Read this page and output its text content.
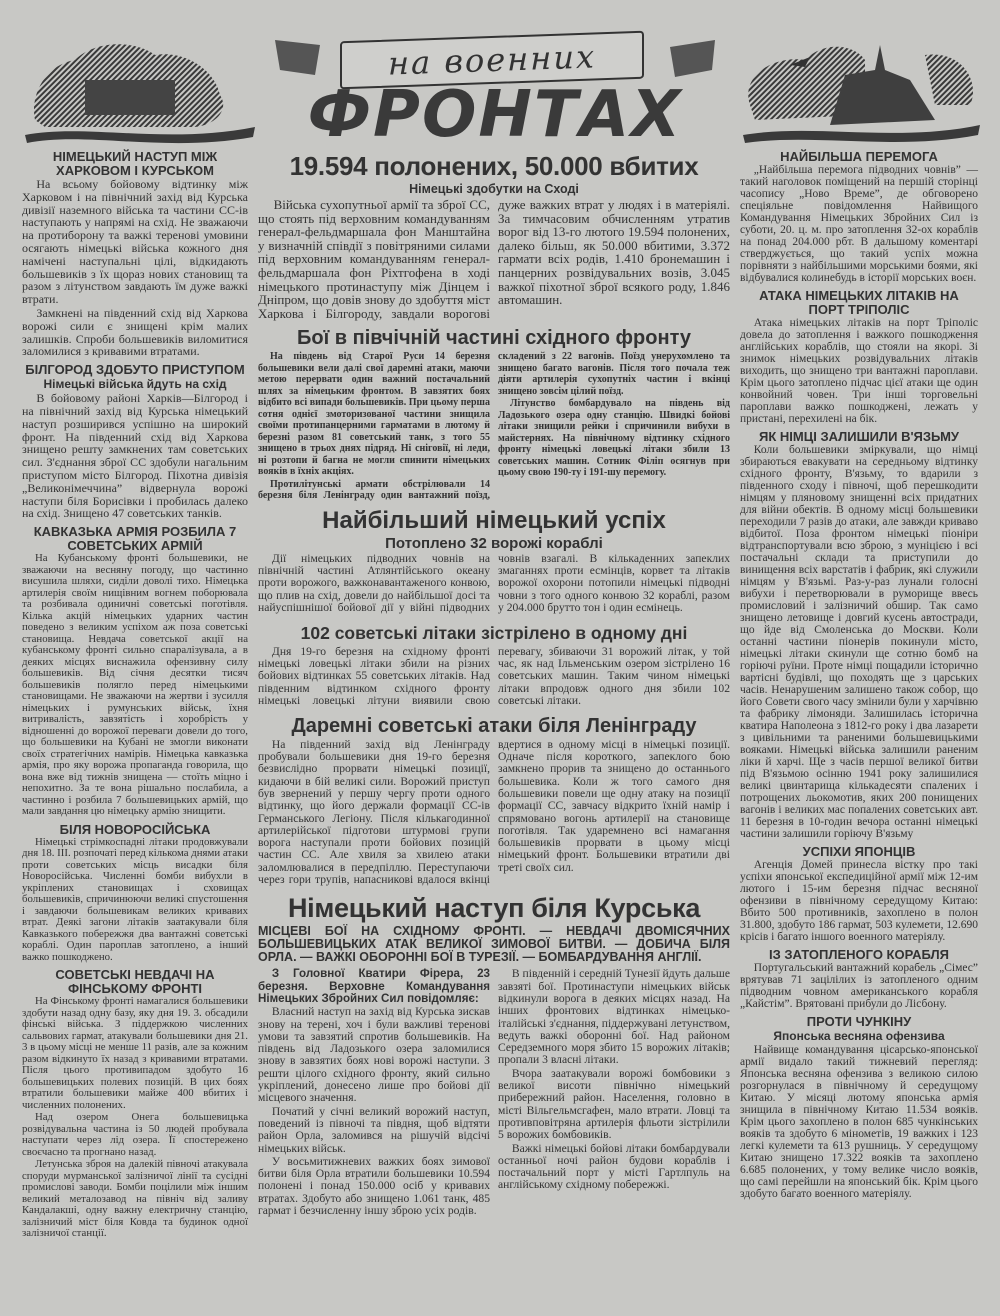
на военних
ФРОНТАХ
НІМЕЦЬКИЙ НАСТУП МІЖ ХАРКОВОМ І КУРСЬКОМ

На всьому бойовому відтинку між Харковом і на північний захід від Курська дивізії наземного війська та частини СС-ів наступають у напрямі на схід. Не зважаючи на протиборону та важкі теренові умовини осягають німецькі війська кожного дня намічені наступальні цілі, відкидають большевиків з їх щораз нових становищ та разом з літунством завдають їм дуже важкі втрати.

Замкнені на південний схід від Харкова ворожі сили є знищені крім малих залишків. Спроби большевиків виломитися заломилися з кривавими втратами.

БІЛГОРОД ЗДОБУТО ПРИСТУПОМ
Німецькі війська йдуть на схід

В бойовому районі Харків—Білгород і на північний захід від Курська німецький наступ розширився успішно на широкий фронт. На південний схід від Харкова знищено решту замкнених там советських сил. З'єднання зброї СС здобули нагальним приступом місто Білгород. Піхотна дивізія „Великонімеччина” відвернула ворожі наступи біля Борисівки і пробилась далеко на схід. Знищено 47 советських танків.

КАВКАЗЬКА АРМІЯ РОЗБИЛА 7 СОВЕТСЬКИХ АРМІЙ

На Кубанському фронті большевики, не зважаючи на весняну погоду, що частинно висушила шляхи, сиділи доволі тихо. Німецька артилерія своїм нищівним вогнем поборювала та розбивала одиничні советські поготівля. Кілька акцій німецьких ударних частин поведено з великим успіхом аж поза советські становища. Невдача советської акції на кубанському фронті сильно спаралізувала, а в деяких місцях виснажила офензивну силу большевиків. Від січня десятки тисяч большевиків полягло перед німецькими становищами. Не зважаючи на жертви і зусилля німецьких і румунських військ, їхня витривалість, завзятість і хоробрість у відношенні до ворожої переваги довели до того, що большевики на Кубані не змогли виконати своїх стратегічних намірів. Німецька кавказька армія, про яку ворожа пропаганда говорила, що вона вже від тижнів знищена — стоїть міцно і непохитно. За те вона рішально послабила, а частинно і розбила 7 большевицьких армій, що мали завдання цю німецьку армію знищити.

БІЛЯ НОВОРОСІЙСЬКА

Німецькі стрімкоспадні літаки продовжували дня 18. III. розпочаті перед кількома днями атаки проти советських місць висадки біля Новоросійська. Численні бомби вибухли в укріплених становищах і сховищах большевиків, спричинюючи великі спустошення і завдаючи большевикам великих кривавих втрат. Деякі загони літаків заатакували біля Кавказького побережжя два вантажні советські кораблі. Один пароплав затоплено, а інший важко пошкоджено.

СОВЕТСЬКІ НЕВДАЧІ НА ФІНСЬКОМУ ФРОНТІ

На Фінському фронті намагалися большевики здобути назад одну базу, яку дня 19. 3. обсадили фінські війська. З піддержкою численних сальвових гармат, атакували большевики дня 21. 3 в цьому місці не менше 11 разів, але за кожним разом відкинуто їх назад з кривавими втратами. Після цього противипадом здобуто 16 большевицьких полевих позицій. В цих боях втратили большевики майже 400 вбитих і численних полонених.

Над озером Онега большевицька розвідувальна частина із 50 людей пробувала наступати через лід озера. Її спостережено своєчасно та прогнано назад.

Летунська зброя на далекій півночі атакувала споруди мурманської залізничої лінії та сусідні промислові заводи. Бомби поцілили між іншим великий металозавод на північ від заливу Кандалакші, одну важну електричну станцію, залізничий міст біля Ковда та будинок одної залізничої станції.

19.594 полонених, 50.000 вбитих
Німецькі здобутки на Сході

Війська сухопутньої армії та зброї СС, що стоять під верховним командуванням генерал-фельдмаршала фон Манштайна у визначній співдії з повітряними силами під верховним командуванням генерал-фельдмаршала фон Ріхтгофена в ході німецького протинаступу між Дінцем і Дніпром, що довів знову до здобуття міст Харкова і Білгороду, завдали ворогові дуже важких втрат у людях і в матеріялі. За тимчасовим обчисленням утратив ворог від 13-го лютого 19.594 полонених, далеко більш, як 50.000 вбитими, 3.372 гармати всіх родів, 1.410 бронемашин і панцерних розвідувальних возів, 3.045 важкої піхотної зброї всякого роду, 1.846 автомашин.

Бої в півчічній частині східного фронту

На південь від Старої Руси 14 березня большевики вели далі свої даремні атаки, маючи метою перервати один важний постачальний шлях за німецьким фронтом. В завзятих боях відбито всі випади большевиків. При цьому перша сотня однієї змоторизованої частини знищила своїми протипанцерними гарматами в лютому й березні разом 81 советський танк, з того 55 знищено в трьох днях підряд. Ні сніговії, ні леди, ні розтопи й багна не могли спинити німецьких вояків в їхніх акціях.

Протилітунські армати обстрілювали 14 березня біля Ленінграду один вантажний поїзд, складений з 22 вагонів. Поїзд унерухомлено та знищено багато вагонів. Після того почала теж діяти артилерія сухопутніх частин і вкінці знищено зовсім цілий поїзд.

Літунство бомбардувало на південь від Ладозького озера одну станцію. Швидкі бойові літаки знищили рейки і спричинили вибухи в майстернях. На північному відтинку східного фронту німецькі ловецькі літаки збили 13 советських машин. Сотник Філіп осягнув при цьому свою 190-ту і 191-шу перемогу.

Найбільший німецький успіх
Потоплено 32 ворожі кораблі

Дії німецьких підводних човнів на північній частині Атлянтійського океану проти ворожого, важконавантаженого конвою, що плив на схід, довели до найбільшої досі та найуспішнішої бойової дії у війні підводних човнів взагалі. В кількаденних запеклих змаганнях проти есмінців, корвет та літаків ворожої охорони потопили німецькі підводні човни з того одного конвою 32 кораблі, разом у 204.000 брутто тон і один есмінець.

102 советські літаки зістрілено в одному дні

Дня 19-го березня на східному фронті німецькі ловецькі літаки збили на різних бойових відтинках 55 советських літаків. Над південним відтинком східного фронту німецькі ловецькі літуни виявили свою перевагу, збиваючи 31 ворожий літак, у той час, як над Ільменським озером зістрілено 16 советських машин. Таким чином німецькі літаки впродовж одного дня збили 102 советські літаки.

Даремні советські атаки біля Ленінграду

На південний захід від Ленінграду пробували большевики дня 19-го березня безвислідно прорвати німецькі позиції, кидаючи в бій великі сили. Ворожий приступ був звернений у першу чергу проти одного відтинку, що його держали формації СС-ів Германського Легіону. Після кількагодинної артилерійської підготови штурмові групи ворога наступали проти бойових позицій частин СС. Але хвиля за хвилею атаки заломлювалися в передпіллю. Переступаючи через гори трупів, напасникові вдалося вкінці вдертися в одному місці в німецькі позиції. Одначе після короткого, запеклого бою замкнено прорив та знищено до останнього большевика. Коли ж того самого дня большевики повели ще одну атаку на позиції формації СС, завчасу відкрито їхній намір і спрямовано вогонь артилерії на становище поготівля. Так ударемнено всі намагання большевиків прорвати в цьому місці німецький фронт. Большевики втратили дві треті своїх сил.

Німецький наступ біля Курська
МІСЦЕВІ БОЇ НА СХІДНОМУ ФРОНТІ. — НЕВДАЧІ ДВОМІСЯЧНИХ БОЛЬШЕВИЦЬКИХ АТАК ВЕЛИКОЇ ЗИМОВОЇ БИТВИ. — ДОБИЧА БІЛЯ ОРЛА. — ВАЖКІ ОБОРОННІ БОЇ В ТУРЕЗІЇ. — БОМБАРДУВАННЯ АНГЛІЇ.

З Головної Кватири Фірера, 23 березня. Верховне Командування Німецьких Збройних Сил повідомляє:

Власний наступ на захід від Курська зискав знову на терені, хоч і були важливі теренові умови та завзятий спротив большевиків. На південь від Ладозького озера заломилися знову в завзятих боях нові ворожі наступи. З решти цілого східного фронту, який сильно укріплений, донесено лише про бойові дії місцевого значення.

Початий у січні великий ворожий наступ, поведений із півночі та півдня, щоб відтяти район Орла, заломився на рішучій відсічі німецьких військ.

У восьмитижневих важких боях зимової битви біля Орла втратили большевики 10.594 полонені і понад 150.000 осіб у кривавих втратах. Здобуто або знищено 1.061 танк, 485 гармат і безчисленну іншу зброю усіх родів.

В південній і середній Тунезії йдуть дальше завзяті бої. Протинаступи німецьких військ відкинули ворога в деяких місцях назад. На інших фронтових відтинках німецько-італійські з'єднання, піддержувані летунством, ведуть важкі оборонні бої. Над районом Середземного моря збито 15 ворожих літаків; пропали 3 власні літаки.

Вчора заатакували ворожі бомбовики з великої висоти північно німецький прибережний район. Населення, головно в місті Вільгельмсгафен, мало втрати. Ловці та противповітряна артилерія фльоти зістрілили 5 ворожих бомбовиків.

Важкі німецькі бойові літаки бомбардували останньої ночі район будови кораблів і постачальний порт у місті Гартлпуль на англійському східному побережжі.

НАЙБІЛЬША ПЕРЕМОГА

„Найбільша перемога підводних човнів” — такий наголовок поміщений на першій сторінці часопису „Ново Време”, де обговорено спеціяльне повідомлення Найвищого Командування Німецьких Збройних Сил із суботи, 20. ц. м. про затоплення 32-ох кораблів на понад 204.000 рбт. В дальшому коментарі стверджується, що такий успіх можна порівняти з найбільшими морськими боями, які відбувалися колинебудь в історії морських воєн.

АТАКА НІМЕЦЬКИХ ЛІТАКІВ НА ПОРТ ТРІПОЛІС

Атака німецьких літаків на порт Тріполіс довела до затоплення і важкого пошкодження англійських кораблів, що стояли на якорі. Зі знимок німецьких розвідувальних літаків виходить, що знищено три вантажні пароплави. Крім цього затоплено підчас цієї атаки ще один конвойний човен. Три інші торговельні пароплави важко пошкоджені, лежать у пристані, перехилені на бік.

ЯК НІМЦІ ЗАЛИШИЛИ В'ЯЗЬМУ

Коли большевики зміркували, що німці збираються евакувати на середньому відтинку східного фронту, В'язьму, то вдарили з південного сходу і півночі, щоб перешкодити німцям у пляновому знищенні всіх придатних для війни обектів. В одному місці большевики переходили 7 разів до атаки, але завжди криваво відбитої. Поза фронтом німецькі піоніри відтранспортували всю зброю, з муніцією і всі постачальні склади та приступили до винищення всіх варстатів і фабрик, які служили німцям у В'язьмі. Раз-у-раз лунали голосні вибухи і перетворювали в руморище ввесь промисловий і залізничий обшир. Так само знищено летовище і довгий кусень автостради, що йде від Смоленська до Москви. Коли останні частини піонерів покинули місто, німецькі літаки скинули ще сотню бомб на горіючі руїни. Проте німці пощадили історично вартісні будівлі, що походять ще з царських часів. Ненарушеним залишено також собор, що його Совети свого часу змінили були у харчівню та фабрику лімоняди. Залишилась історична кватира Наполеона з 1812-го року і два лазарети з цивільними та раненими большевицькими вояками. Німецькі війська залишили раненим ліки й харчі. Ще з часів першої великої битви під В'язьмою осінню 1941 року залишилися великі цвинтарища кількадесяти спалених і потрощених льокомотив, яких 200 понищених вагонів і великих мас попалених советських авт. 11 березня в 10-годин вечора останні німецькі частини залишили горіючу В'язьму

УСПІХИ ЯПОНЦІВ

Агенція Домей принесла вістку про такі успіхи японської експедиційної армії між 12-им лютого і 15-им березня підчас весняної офензиви в північному середущому Китаю: Вбито 500 противників, захоплено в полон 31.800, здобуто 186 гармат, 503 кулемети, 12.690 крісів і багато іншого военного матеріялу.

ІЗ ЗАТОПЛЕНОГО КОРАБЛЯ

Португальський вантажний корабель „Сімес” врятував 71 зацілілих із затопленого одним підводним човном американського корабля „Кайстім”. Врятовані прибули до Лісбону.

ПРОТИ ЧУНКІНУ
Японська весняна офензива

Найвище командування цісарсько-японської армії видало такий тижневий перегляд: Японська весняна офензива з великою силою розгорнулася в північному й середущому Китаю. У місяці лютому японська армія знищила в північному Китаю 11.534 вояків. Крім цього захоплено в полон 685 чункінських вояків та здобуто 6 мінометів, 19 важких і 123 легкі кулемети та 613 рушниць. У середущому Китаю знищено 17.322 вояків та захоплено 6.685 полонених, у тому велике число вояків, що самі перейшли на японський бік. Крім цього здобуто багато военного матеріялу.
